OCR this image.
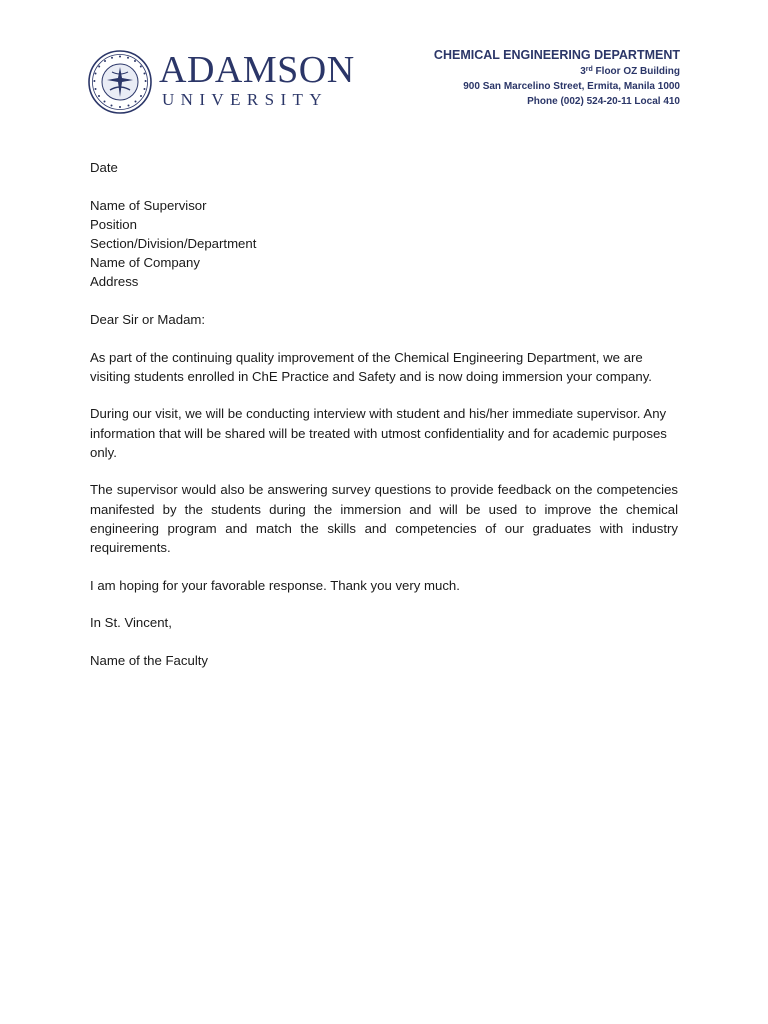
ADAMSON
UNIVERSITY
CHEMICAL ENGINEERING DEPARTMENT
3rd Floor OZ Building
900 San Marcelino Street, Ermita, Manila 1000
Phone (002) 524-20-11 Local 410
Date
Name of Supervisor
Position
Section/Division/Department
Name of Company
Address
Dear Sir or Madam:

As part of the continuing quality improvement of the Chemical Engineering Department, we are visiting students enrolled in ChE Practice and Safety and is now doing immersion your company.

During our visit, we will be conducting interview with student and his/her immediate supervisor. Any information that will be shared will be treated with utmost confidentiality and for academic purposes only.

The supervisor would also be answering survey questions to provide feedback on the competencies manifested by the students during the immersion and will be used to improve the chemical engineering program and match the skills and competencies of our graduates with industry requirements.

I am hoping for your favorable response. Thank you very much.

In St. Vincent,
Name of the Faculty
